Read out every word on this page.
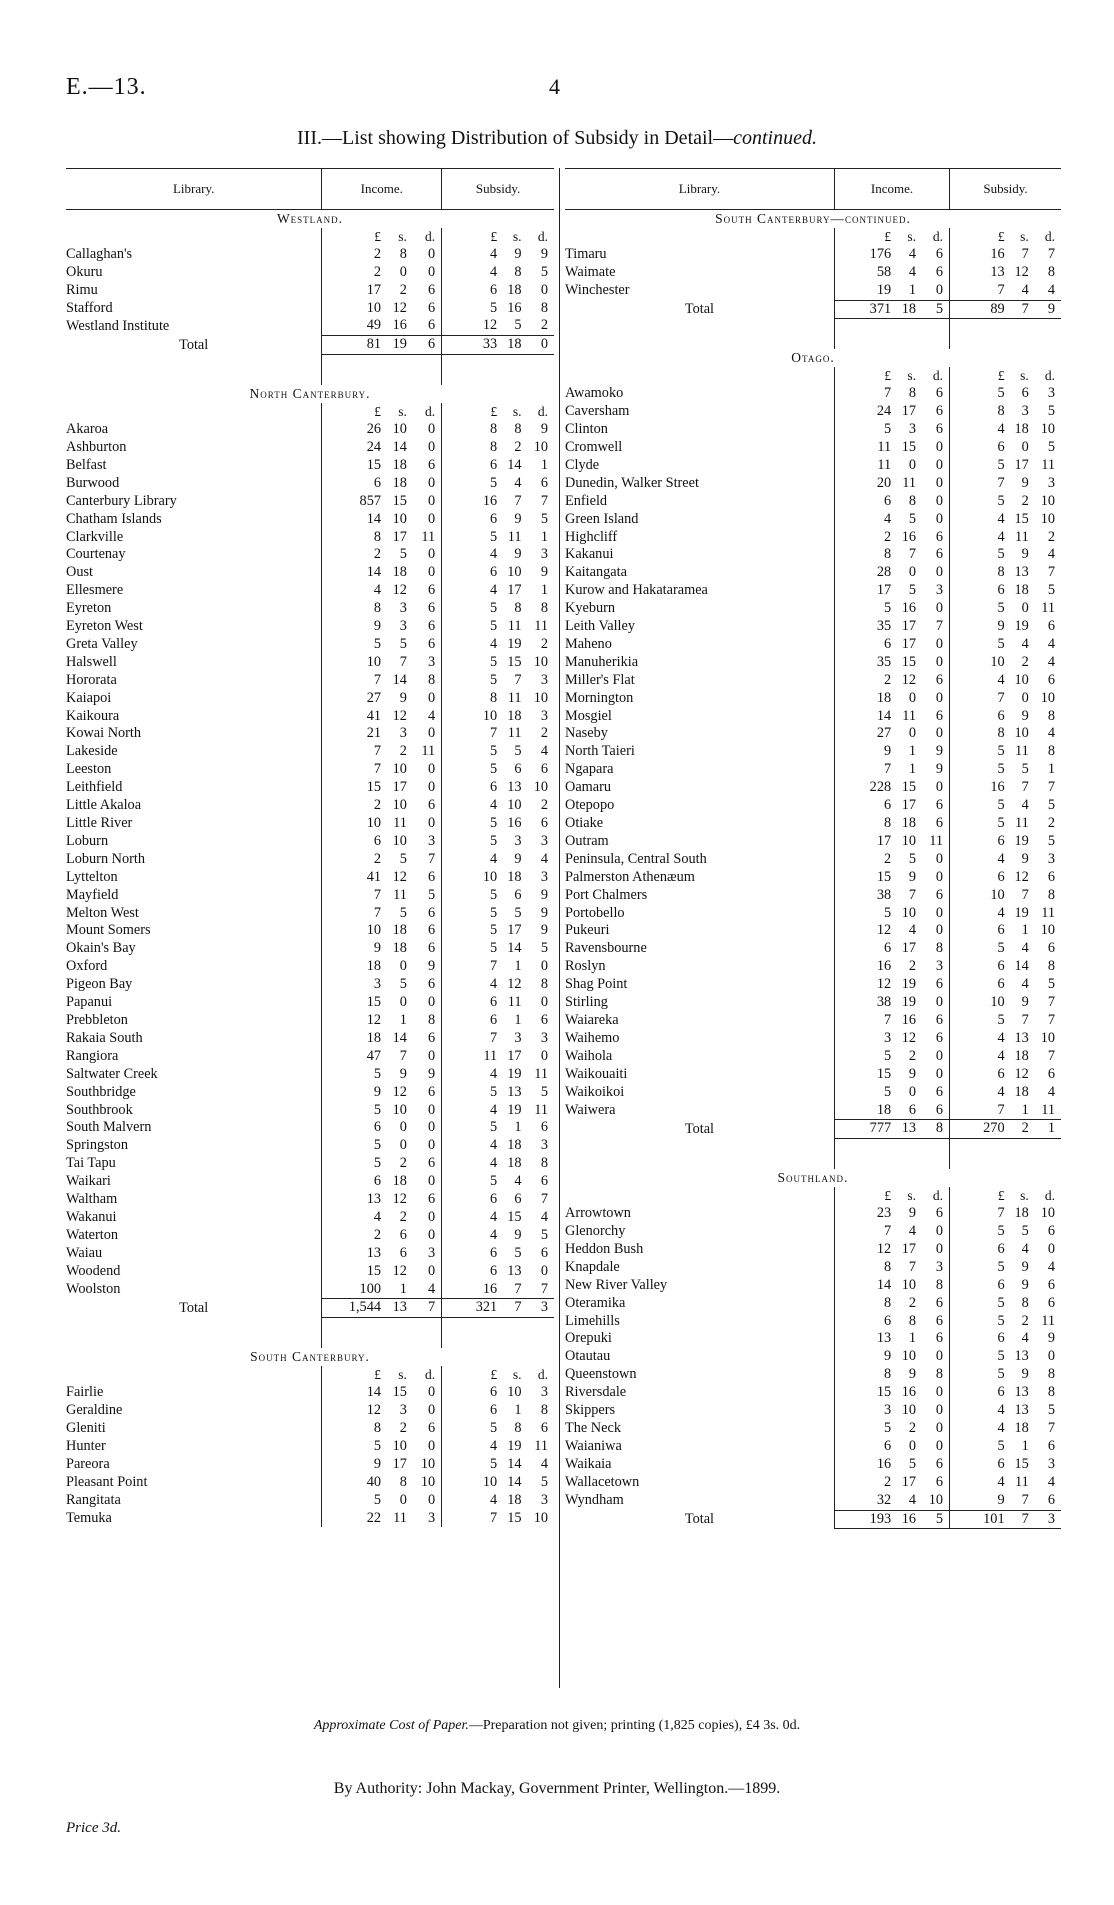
E.—13.	4
III.—List showing Distribution of Subsidy in Detail—continued.
Library.	Income.	Subsidy.
Westland.		

	£ s. d.	£ s. d.

Callaghan's	2 8 0	4 9 9

Okuru	2 0 0	4 8 5

Rimu	17 2 6	6 18 0

Stafford	10 12 6	5 16 8

Westland Institute	49 16 6	12 5 2

Total	81 19 6	33 18 0

North Canterbury.		

	£ s. d.	£ s. d.

Akaroa	26 10 0	8 8 9

Ashburton	24 14 0	8 2 10

Belfast	15 18 6	6 14 1

Burwood	6 18 0	5 4 6

Canterbury Library	857 15 0	16 7 7

Chatham Islands	14 10 0	6 9 5

Clarkville	8 17 11	5 11 1

Courtenay	2 5 0	4 9 3

Oust	14 18 0	6 10 9

Ellesmere	4 12 6	4 17 1

Eyreton	8 3 6	5 8 8

Eyreton West	9 3 6	5 11 11

Greta Valley	5 5 6	4 19 2

Halswell	10 7 3	5 15 10

Hororata	7 14 8	5 7 3

Kaiapoi	27 9 0	8 11 10

Kaikoura	41 12 4	10 18 3

Kowai North	21 3 0	7 11 2

Lakeside	7 2 11	5 5 4

Leeston	7 10 0	5 6 6

Leithfield	15 17 0	6 13 10

Little Akaloa	2 10 6	4 10 2

Little River	10 11 0	5 16 6

Loburn	6 10 3	5 3 3

Loburn North	2 5 7	4 9 4

Lyttelton	41 12 6	10 18 3

Mayfield	7 11 5	5 6 9

Melton West	7 5 6	5 5 9

Mount Somers	10 18 6	5 17 9

Okain's Bay	9 18 6	5 14 5

Oxford	18 0 9	7 1 0

Pigeon Bay	3 5 6	4 12 8

Papanui	15 0 0	6 11 0

Prebbleton	12 1 8	6 1 6

Rakaia South	18 14 6	7 3 3

Rangiora	47 7 0	11 17 0

Saltwater Creek	5 9 9	4 19 11

Southbridge	9 12 6	5 13 5

Southbrook	5 10 0	4 19 11

South Malvern	6 0 0	5 1 6

Springston	5 0 0	4 18 3

Tai Tapu	5 2 6	4 18 8

Waikari	6 18 0	5 4 6

Waltham	13 12 6	6 6 7

Wakanui	4 2 0	4 15 4

Waterton	2 6 0	4 9 5

Waiau	13 6 3	6 5 6

Woodend	15 12 0	6 13 0

Woolston	100 1 4	16 7 7

Total	1,544 13 7	321 7 3

South Canterbury.		

	£ s. d.	£ s. d.

Fairlie	14 15 0	6 10 3

Geraldine	12 3 0	6 1 8

Gleniti	8 2 6	5 8 6

Hunter	5 10 0	4 19 11

Pareora	9 17 10	5 14 4

Pleasant Point	40 8 10	10 14 5

Rangitata	5 0 0	4 18 3

Temuka	22 11 3	7 15 10
Library.	Income.	Subsidy.
South Canterbury—continued.		

	£ s. d.	£ s. d.

Timaru	176 4 6	16 7 7

Waimate	58 4 6	13 12 8

Winchester	19 1 0	7 4 4

Total	371 18 5	89 7 9

Otago.		

	£ s. d.	£ s. d.

Awamoko	7 8 6	5 6 3

Caversham	24 17 6	8 3 5

Clinton	5 3 6	4 18 10

Cromwell	11 15 0	6 0 5

Clyde	11 0 0	5 17 11

Dunedin, Walker Street	20 11 0	7 9 3

Enfield	6 8 0	5 2 10

Green Island	4 5 0	4 15 10

Highcliff	2 16 6	4 11 2

Kakanui	8 7 6	5 9 4

Kaitangata	28 0 0	8 13 7

Kurow and Hakataramea	17 5 3	6 18 5

Kyeburn	5 16 0	5 0 11

Leith Valley	35 17 7	9 19 6

Maheno	6 17 0	5 4 4

Manuherikia	35 15 0	10 2 4

Miller's Flat	2 12 6	4 10 6

Mornington	18 0 0	7 0 10

Mosgiel	14 11 6	6 9 8

Naseby	27 0 0	8 10 4

North Taieri	9 1 9	5 11 8

Ngapara	7 1 9	5 5 1

Oamaru	228 15 0	16 7 7

Otepopo	6 17 6	5 4 5

Otiake	8 18 6	5 11 2

Outram	17 10 11	6 19 5

Peninsula, Central South	2 5 0	4 9 3

Palmerston Athenæum	15 9 0	6 12 6

Port Chalmers	38 7 6	10 7 8

Portobello	5 10 0	4 19 11

Pukeuri	12 4 0	6 1 10

Ravensbourne	6 17 8	5 4 6

Roslyn	16 2 3	6 14 8

Shag Point	12 19 6	6 4 5

Stirling	38 19 0	10 9 7

Waiareka	7 16 6	5 7 7

Waihemo	3 12 6	4 13 10

Waihola	5 2 0	4 18 7

Waikouaiti	15 9 0	6 12 6

Waikoikoi	5 0 6	4 18 4

Waiwera	18 6 6	7 1 11

Total	777 13 8	270 2 1

Southland.		

	£ s. d.	£ s. d.

Arrowtown	23 9 6	7 18 10

Glenorchy	7 4 0	5 5 6

Heddon Bush	12 17 0	6 4 0

Knapdale	8 7 3	5 9 4

New River Valley	14 10 8	6 9 6

Oteramika	8 2 6	5 8 6

Limehills	6 8 6	5 2 11

Orepuki	13 1 6	6 4 9

Otautau	9 10 0	5 13 0

Queenstown	8 9 8	5 9 8

Riversdale	15 16 0	6 13 8

Skippers	3 10 0	4 13 5

The Neck	5 2 0	4 18 7

Waianiwa	6 0 0	5 1 6

Waikaia	16 5 6	6 15 3

Wallacetown	2 17 6	4 11 4

Wyndham	32 4 10	9 7 6

Total	193 16 5	101 7 3
Approximate Cost of Paper.—Preparation not given; printing (1,825 copies), £4 3s. 0d.
By Authority: John Mackay, Government Printer, Wellington.—1899.
Price 3d.
